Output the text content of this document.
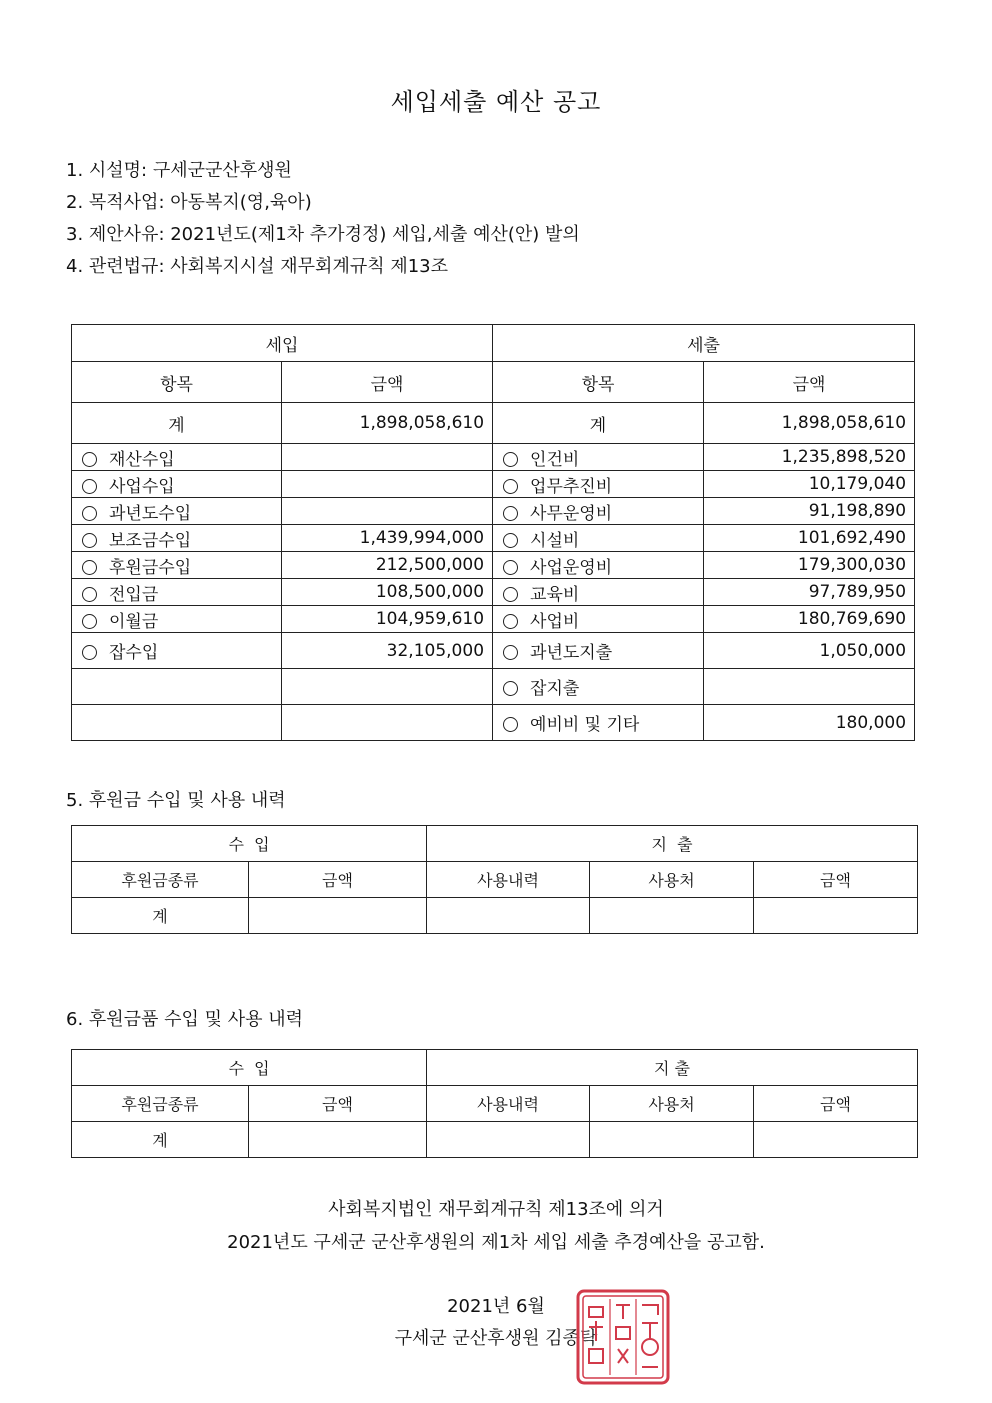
세입세출 예산 공고
1. 시설명: 구세군군산후생원
2. 목적사업: 아동복지(영,육아)
3. 제안사유: 2021년도(제1차 추가경정) 세입,세출 예산(안) 발의
4. 관련법규: 사회복지시설 재무회계규칙 제13조
세입		세출	
항목	금액	항목	금액
계	1,898,058,610	계	1,898,058,610
재산수입		인건비	1,235,898,520
사업수입		업무추진비	10,179,040
과년도수입		사무운영비	91,198,890
보조금수입	1,439,994,000	시설비	101,692,490
후원금수입	212,500,000	사업운영비	179,300,030
전입금	108,500,000	교육비	97,789,950
이월금	104,959,610	사업비	180,769,690
잡수입	32,105,000	과년도지출	1,050,000
		잡지출	
		예비비 및 기타	180,000
5. 후원금 수입 및 사용 내력
수  입		지  출		
후원금종류	금액	사용내력	사용처	금액
계				
6. 후원금품 수입 및 사용 내력
수  입		지 출		
후원금종류	금액	사용내력	사용처	금액
계				
사회복지법인 재무회계규칙 제13조에 의거
2021년도 구세군 군산후생원의 제1차 세입 세출 추경예산을 공고함.
2021년 6월
구세군 군산후생원 김종탁
